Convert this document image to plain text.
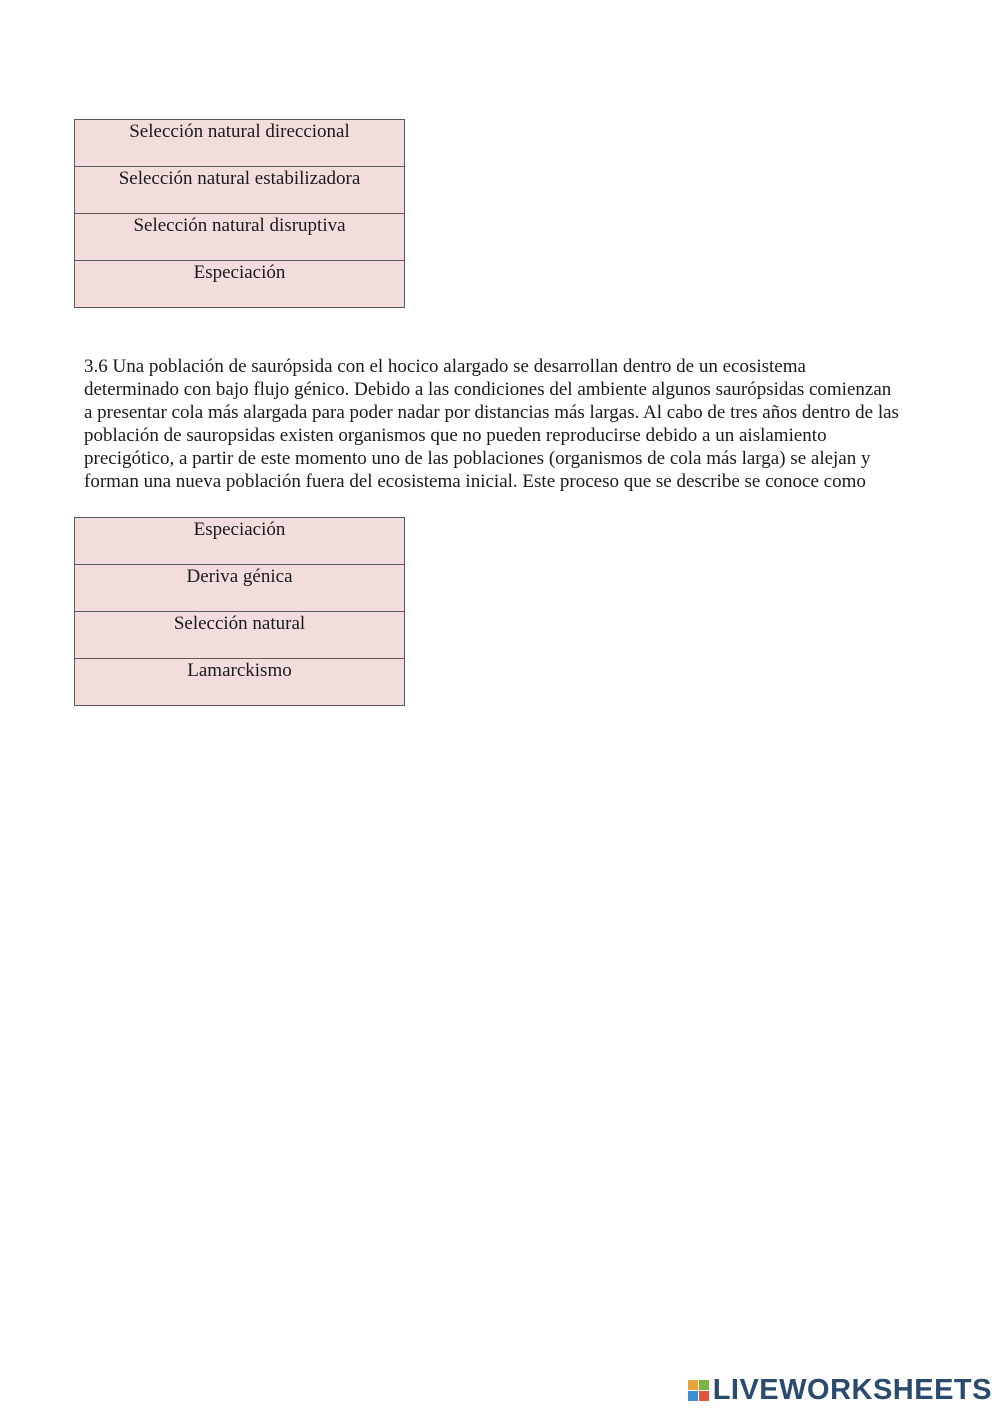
Selección natural direccional
Selección natural estabilizadora
Selección natural disruptiva
Especiación

3.6 Una población de saurópsida con el hocico alargado se desarrollan dentro de un ecosistema
determinado con bajo flujo génico. Debido a las condiciones del ambiente algunos saurópsidas comienzan
a presentar cola más alargada para poder nadar por distancias más largas. Al cabo de tres años dentro de las
población de sauropsidas existen organismos que no pueden reproducirse debido a un aislamiento
precigótico, a partir de este momento uno de las poblaciones (organismos de cola más larga) se alejan y
forman una nueva población fuera del ecosistema inicial. Este proceso que se describe se conoce como

Especiación
Deriva génica
Selección natural
Lamarckismo
LIVEWORKSHEETS
